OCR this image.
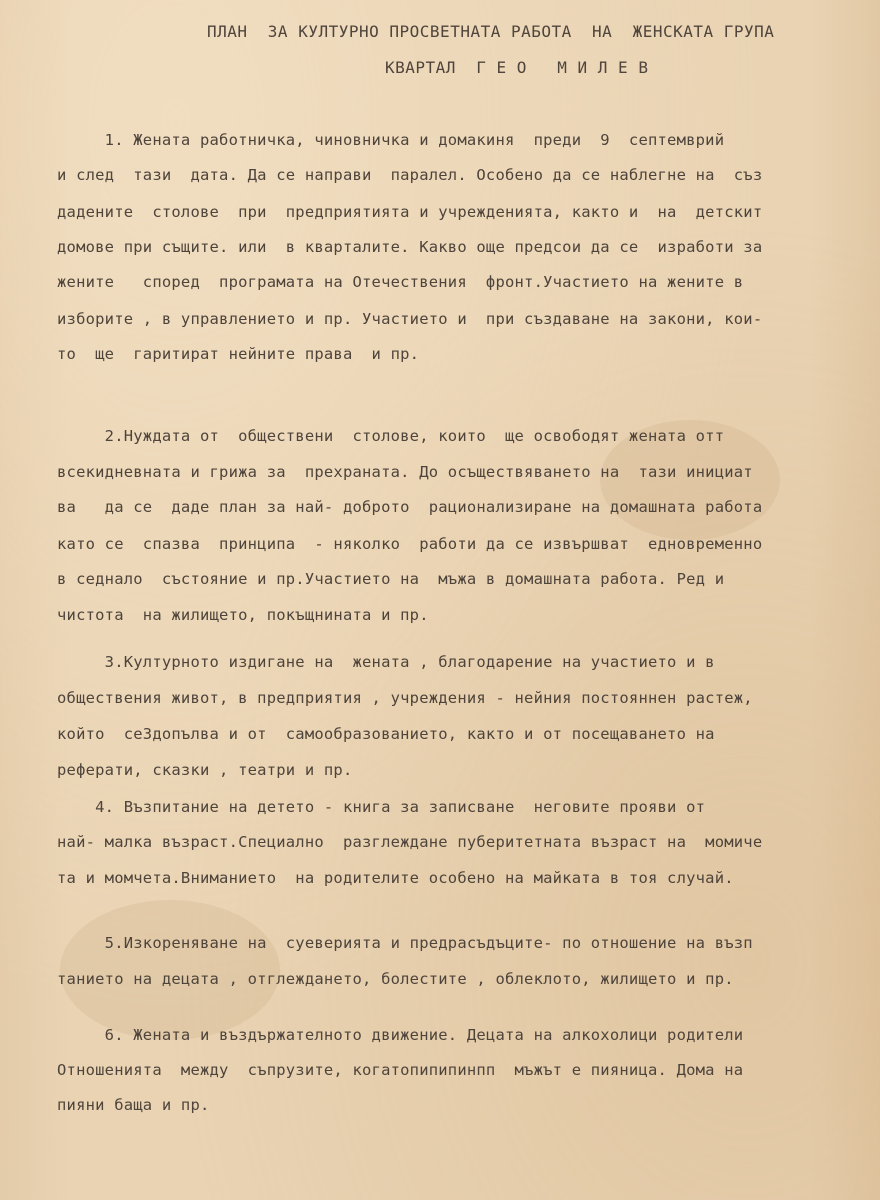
ПЛАН  ЗА КУЛТУРНО ПРОСВЕТНАТА РАБОТА  НА  ЖЕНСКАТА ГРУПА
КВАРТАЛ  Г Е О   М И Л Е В
1. Жената работничка, чиновничка и домакиня  преди  9  септемврий
и след  тази  дата. Да се направи  паралел. Особено да се наблегне на  съз
дадените  столове  при  предприятията и учрежденията, както и  на  детскит
домове при същите. или  в кварталите. Какво още предсои да се  изработи за
жените   според  програмата на Отечествения  фронт.Участието на жените в
изборите , в управлението и пр. Участието и  при създаване на закони, кои-
то  ще  гаритират нейните права  и пр.
2.Нуждата от  обществени  столове, които  ще освободят жената отт
всекидневната и грижа за  прехраната. До осъществяването на  тази инициат
ва   да се  даде план за най- доброто  рационализиране на домашната работа
като се  спазва  принципа  - няколко  работи да се извършват  едновременно
в седнало  състояние и пр.Участието на  мъжа в домашната работа. Ред и
чистота  на жилището, покъщнината и пр.
3.Културното издигане на  жената , благодарение на участието и в
обществения живот, в предприятия , учреждения - нейния постояннен растеж,
който  сеЗдопълва и от  самообразованието, както и от посещаването на
реферати, сказки , театри и пр.
4. Възпитание на детето - книга за записване  неговите прояви от
най- малка възраст.Специално  разглеждане пуберитетната възраст на  момиче
та и момчета.Вниманието  на родителите особено на майката в тоя случай.
5.Изкореняване на  суеверията и предрасъдъците- по отношение на възп
танието на децата , отглеждането, болестите , облеклото, жилището и пр.
6. Жената и въздържателното движение. Децата на алкохолици родители
Отношенията  между  съпрузите, когатопипипинпп  мъжът е пияница. Дома на
пияни баща и пр.
